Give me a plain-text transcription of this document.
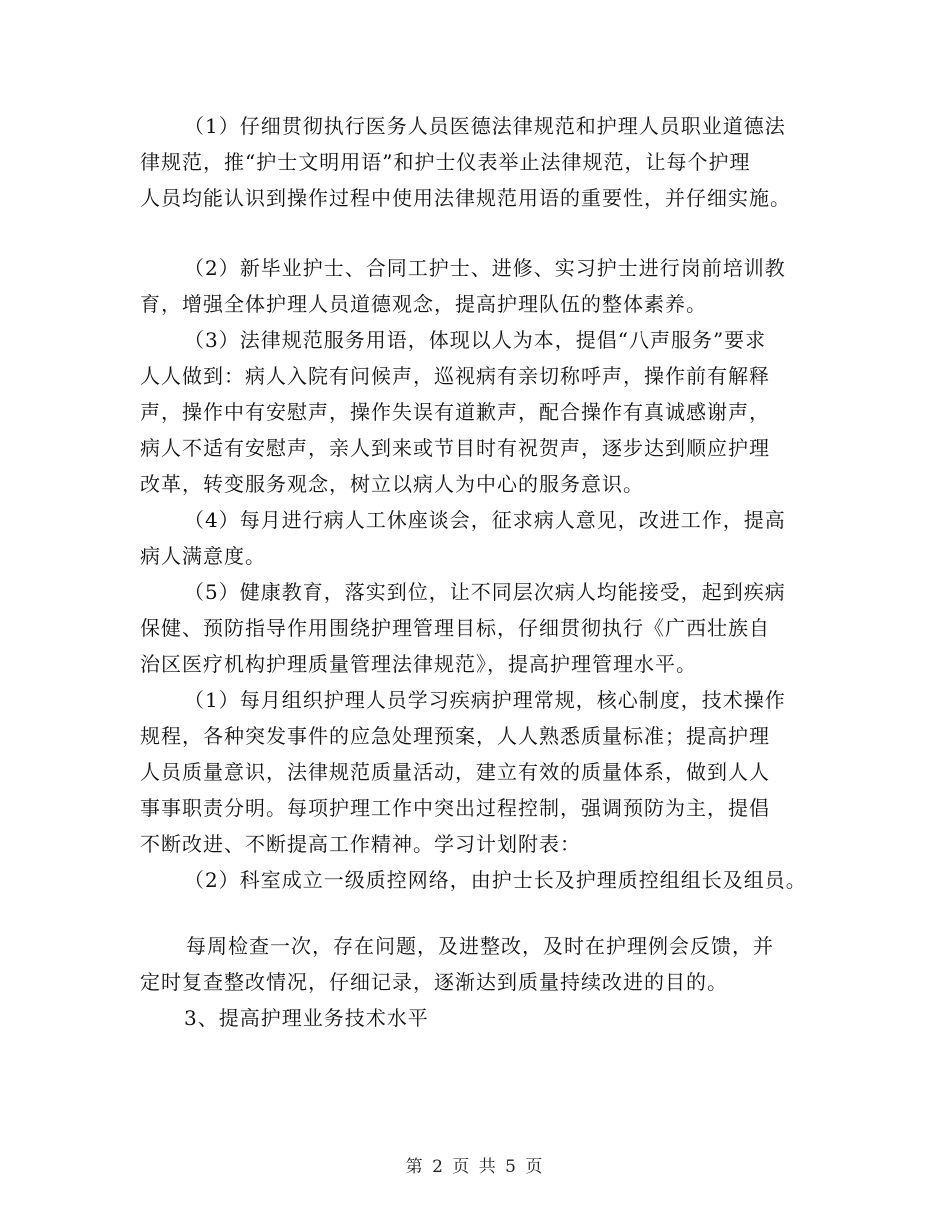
（1）仔细贯彻执行医务人员医德法律规范和护理人员职业道德法
律规范，推“护士文明用语”和护士仪表举止法律规范，让每个护理
人员均能认识到操作过程中使用法律规范用语的重要性，并仔细实施。
（2）新毕业护士、合同工护士、进修、实习护士进行岗前培训教
育，增强全体护理人员道德观念，提高护理队伍的整体素养。
（3）法律规范服务用语，体现以人为本，提倡“八声服务”要求
人人做到：病人入院有问候声，巡视病有亲切称呼声，操作前有解释
声，操作中有安慰声，操作失误有道歉声，配合操作有真诚感谢声，
病人不适有安慰声，亲人到来或节目时有祝贺声，逐步达到顺应护理
改革，转变服务观念，树立以病人为中心的服务意识。
（4）每月进行病人工休座谈会，征求病人意见，改进工作，提高
病人满意度。
（5）健康教育，落实到位，让不同层次病人均能接受，起到疾病
保健、预防指导作用围绕护理管理目标，仔细贯彻执行《广西壮族自
治区医疗机构护理质量管理法律规范》，提高护理管理水平。
（1）每月组织护理人员学习疾病护理常规，核心制度，技术操作
规程，各种突发事件的应急处理预案，人人熟悉质量标准；提高护理
人员质量意识，法律规范质量活动，建立有效的质量体系，做到人人
事事职责分明。每项护理工作中突出过程控制，强调预防为主，提倡
不断改进、不断提高工作精神。学习计划附表：
（2）科室成立一级质控网络，由护士长及护理质控组组长及组员。
每周检查一次，存在问题，及进整改，及时在护理例会反馈，并
定时复查整改情况，仔细记录，逐渐达到质量持续改进的目的。
3、提高护理业务技术水平
第 2 页 共 5 页
